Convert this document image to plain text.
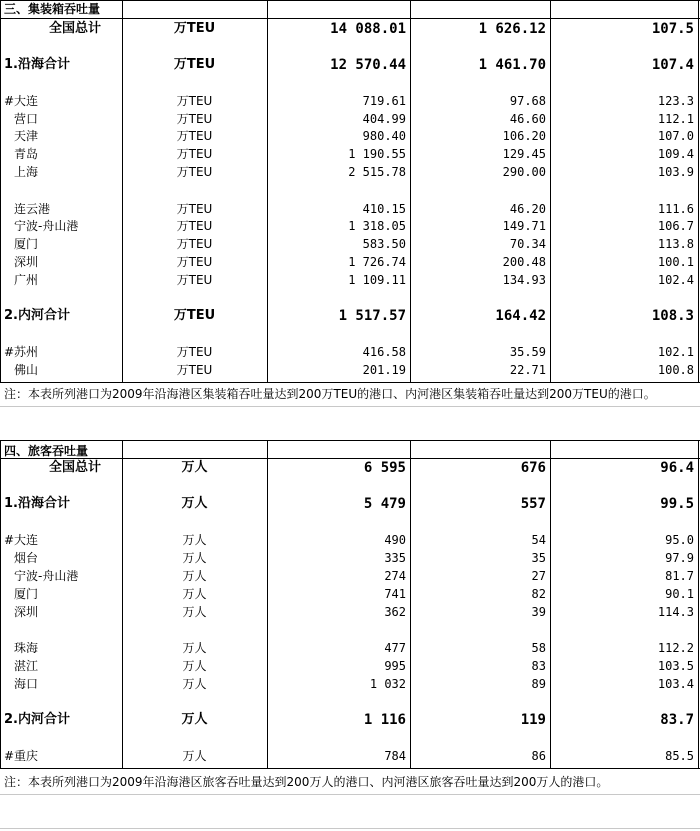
三、集装箱吞吐量
全国总计	万TEU	14 088.01	1 626.12	107.5
1.沿海合计	万TEU	12 570.44	1 461.70	107.4
#大连	万TEU	719.61	97.68	123.3
营口	万TEU	404.99	46.60	112.1
天津	万TEU	980.40	106.20	107.0
青岛	万TEU	1 190.55	129.45	109.4
上海	万TEU	2 515.78	290.00	103.9
连云港	万TEU	410.15	46.20	111.6
宁波-舟山港	万TEU	1 318.05	149.71	106.7
厦门	万TEU	583.50	70.34	113.8
深圳	万TEU	1 726.74	200.48	100.1
广州	万TEU	1 109.11	134.93	102.4
2.内河合计	万TEU	1 517.57	164.42	108.3
#苏州	万TEU	416.58	35.59	102.1
佛山	万TEU	201.19	22.71	100.8
注：本表所列港口为2009年沿海港区集装箱吞吐量达到200万TEU的港口、内河港区集装箱吞吐量达到200万TEU的港口。
四、旅客吞吐量
全国总计	万人	6 595	676	96.4
1.沿海合计	万人	5 479	557	99.5
#大连	万人	490	54	95.0
烟台	万人	335	35	97.9
宁波-舟山港	万人	274	27	81.7
厦门	万人	741	82	90.1
深圳	万人	362	39	114.3
珠海	万人	477	58	112.2
湛江	万人	995	83	103.5
海口	万人	1 032	89	103.4
2.内河合计	万人	1 116	119	83.7
#重庆	万人	784	86	85.5
注：本表所列港口为2009年沿海港区旅客吞吐量达到200万人的港口、内河港区旅客吞吐量达到200万人的港口。
